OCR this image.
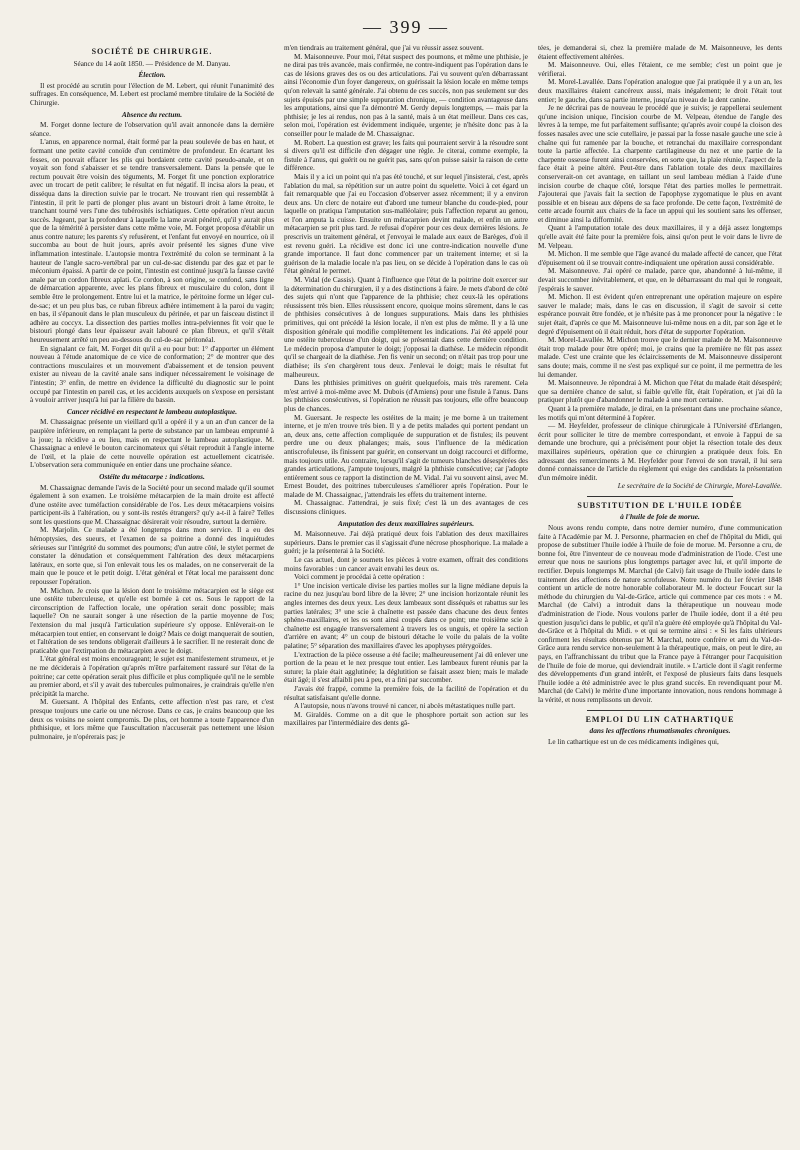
— 399 —
SOCIÉTÉ DE CHIRURGIE.

Séance du 14 août 1850. — Présidence de M. Danyau.

Élection.

Il est procédé au scrutin pour l'élection de M. Lebert, qui réunit l'unanimité des suffrages. En conséquence, M. Lebert est proclamé membre titulaire de la Société de Chirurgie.

Absence du rectum.

M. Forget donne lecture de l'observation qu'il avait annoncée dans la dernière séance.

L'anus, en apparence normal, était formé par la peau soulevée de bas en haut, et formant une petite cavité conoïde d'un centimètre de profondeur. En écartant les fesses, on pouvait effacer les plis qui bordaient cette cavité pseudo-anale, et on voyait son fond s'abaisser et se tendre transversalement. Dans la pensée que le rectum pouvait être voisin des téguments, M. Forget fit une ponction exploratrice avec un trocart de petit calibre; le résultat en fut négatif. Il incisa alors la peau, et disséqua dans la direction suivie par le trocart. Ne trouvant rien qui ressemblât à l'intestin, il prit le parti de plonger plus avant un bistouri droit à lame étroite, le tranchant tourné vers l'une des tubérosités ischiatiques. Cette opération n'eut aucun succès. Jugeant, par la profondeur à laquelle la lame avait pénétré, qu'il y aurait plus que de la témérité à persister dans cette même voie, M. Forget proposa d'établir un anus contre nature; les parents s'y refusèrent, et l'enfant fut envoyé en nourrice, où il succomba au bout de huit jours, après avoir présenté les signes d'une vive inflammation intestinale. L'autopsie montra l'extrémité du colon se terminant à la hauteur de l'angle sacro-vertébral par un cul-de-sac distendu par des gaz et par le méconium épaissi. A partir de ce point, l'intestin est continué jusqu'à la fausse cavité anale par un cordon fibreux aplati. Ce cordon, à son origine, se confond, sans ligne de démarcation apparente, avec les plans fibreux et musculaire du colon, dont il semble être le prolongement. Entre lui et la matrice, le péritoine forme un léger cul-de-sac; et un peu plus bas, ce ruban fibreux adhère intimement à la paroi du vagin; en bas, il s'épanouit dans le plan musculeux du périnée, et par un faisceau distinct il adhère au coccyx. La dissection des parties molles intra-pelviennes fit voir que le bistouri plongé dans leur épaisseur avait labouré ce plan fibreux, et qu'il s'était heureusement arrêté un peu au-dessous du cul-de-sac péritonéal.

En signalant ce fait, M. Forget dit qu'il a eu pour but: 1° d'apporter un élément nouveau à l'étude anatomique de ce vice de conformation; 2° de montrer que des contractions musculaires et un mouvement d'abaissement et de tension peuvent exister au niveau de la cavité anale sans indiquer nécessairement le voisinage de l'intestin; 3° enfin, de mettre en évidence la difficulté du diagnostic sur le point occupé par l'intestin en pareil cas, et les accidents auxquels on s'expose en persistant à vouloir arriver jusqu'à lui par la filière du bassin.

Cancer récidivé en respectant le lambeau autoplastique.

M. Chassaignac présente un vieillard qu'il a opéré il y a un an d'un cancer de la paupière inférieure, en remplaçant la perte de substance par un lambeau emprunté à la joue; la récidive a eu lieu, mais en respectant le lambeau autoplastique. M. Chassaignac a enlevé le bouton carcinomateux qui s'était reproduit à l'angle interne de l'œil, et la plaie de cette nouvelle opération est actuellement cicatrisée. L'observation sera communiquée en entier dans une prochaine séance.

Ostéite du métacarpe : indications.

M. Chassaignac demande l'avis de la Société pour un second malade qu'il soumet également à son examen. Le troisième métacarpien de la main droite est affecté d'une ostéite avec tuméfaction considérable de l'os. Les deux métacarpiens voisins participent-ils à l'altération, ou y sont-ils restés étrangers? qu'y a-t-il à faire? Telles sont les questions que M. Chassaignac désirerait voir résoudre, surtout la dernière.

M. Marjolin. Ce malade a été longtemps dans mon service. Il a eu des hémoptysies, des sueurs, et l'examen de sa poitrine a donné des inquiétudes sérieuses sur l'intégrité du sommet des poumons; d'un autre côté, le stylet permet de constater la dénudation et conséquemment l'altération des deux métacarpiens latéraux, en sorte que, si l'on enlevait tous les os malades, on ne conserverait de la main que le pouce et le petit doigt. L'état général et l'état local me paraissent donc repousser l'opération.

M. Michon. Je crois que la lésion dont le troisième métacarpien est le siège est une ostéite tuberculeuse, et qu'elle est bornée à cet os. Sous le rapport de la circonscription de l'affection locale, une opération serait donc possible; mais laquelle? On ne saurait songer à une résection de la partie moyenne de l'os; l'extension du mal jusqu'à l'articulation supérieure s'y oppose. Enlèverait-on le métacarpien tout entier, en conservant le doigt? Mais ce doigt manquerait de soutien, et l'altération de ses tendons obligerait d'ailleurs à le sacrifier. Il ne resterait donc de praticable que l'extirpation du métacarpien avec le doigt.

L'état général est moins encourageant; le sujet est manifestement strumeux, et je ne me déciderais à l'opération qu'après m'être parfaitement rassuré sur l'état de la poitrine; car cette opération serait plus difficile et plus compliquée qu'il ne le semble au premier abord, et s'il y avait des tubercules pulmonaires, je craindrais qu'elle n'en précipitât la marche.

M. Guersant. A l'hôpital des Enfants, cette affection n'est pas rare, et c'est presque toujours une carie ou une nécrose. Dans ce cas, je crains beaucoup que les deux os voisins ne soient compromis. De plus, cet homme a toute l'apparence d'un phthisique, et lors même que l'auscultation n'accuserait pas nettement une lésion pulmonaire, je n'opérerais pas; je

m'en tiendrais au traitement général, que j'ai vu réussir assez souvent.

M. Maisonneuve. Pour moi, l'état suspect des poumons, et même une phthisie, je ne dirai pas très avancée, mais confirmée, ne contre-indiquent pas l'opération dans le cas de lésions graves des os ou des articulations. J'ai vu souvent qu'en débarrassant ainsi l'économie d'un foyer dangereux, on guérissait la lésion locale en même temps qu'on relevait la santé générale. J'ai obtenu de ces succès, non pas seulement sur des sujets épuisés par une simple suppuration chronique, — condition avantageuse dans les amputations, ainsi que l'a démontré M. Gerdy depuis longtemps, — mais par la phthisie; je les ai rendus, non pas à la santé, mais à un état meilleur. Dans ces cas, selon moi, l'opération est évidemment indiquée, urgente; je n'hésite donc pas à la conseiller pour le malade de M. Chassaignac.

M. Robert. La question est grave; les faits qui pourraient servir à la résoudre sont si divers qu'il est difficile d'en dégager une règle. Je citerai, comme exemple, la fistule à l'anus, qui guérit ou ne guérit pas, sans qu'on puisse saisir la raison de cette différence.

Mais il y a ici un point qui n'a pas été touché, et sur lequel j'insisterai, c'est, après l'ablation du mal, sa répétition sur un autre point du squelette. Voici à cet égard un fait remarquable que j'ai eu l'occasion d'observer assez récemment; il y a environ deux ans. Un clerc de notaire eut d'abord une tumeur blanche du coude-pied, pour laquelle on pratiqua l'amputation sus-malléolaire; puis l'affection reparut au genou, et l'on amputa la cuisse. Ensuite un métacarpien devint malade, et enfin un autre métacarpien se prit plus tard. Je refusai d'opérer pour ces deux dernières lésions. Je prescrivis un traitement général, et j'envoyai le malade aux eaux de Barèges, d'où il est revenu guéri. La récidive est donc ici une contre-indication nouvelle d'une grande importance. Il faut donc commencer par un traitement interne; et si la guérison de la maladie locale n'a pas lieu, on se décide à l'opération dans le cas où l'état général le permet.

M. Vidal (de Cassis). Quant à l'influence que l'état de la poitrine doit exercer sur la détermination du chirurgien, il y a des distinctions à faire. Je mets d'abord de côté des sujets qui n'ont que l'apparence de la phthisie; chez ceux-là les opérations réussissent très bien. Elles réussissent encore, quoique moins sûrement, dans le cas de phthisies consécutives à de longues suppurations. Mais dans les phthisies primitives, qui ont précédé la lésion locale, il n'en est plus de même. Il y a là une disposition générale qui modifie complètement les indications. J'ai été appelé pour une ostéite tuberculeuse d'un doigt, qui se présentait dans cette dernière condition. Le médecin proposa d'amputer le doigt; j'opposai la diathèse. Le médecin répondit qu'il se chargeait de la diathèse. J'en fis venir un second; on n'était pas trop pour une diathèse; ils s'en chargèrent tous deux. J'enlevai le doigt; mais le résultat fut malheureux.

Dans les phthisies primitives on guérit quelquefois, mais très rarement. Cela m'est arrivé à moi-même avec M. Dubois (d'Amiens) pour une fistule à l'anus. Dans les phthisies consécutives, si l'opération ne réussit pas toujours, elle offre beaucoup plus de chances.

M. Guersant. Je respecte les ostéites de la main; je me borne à un traitement interne, et je m'en trouve très bien. Il y a de petits malades qui portent pendant un an, deux ans, cette affection compliquée de suppuration et de fistules; ils peuvent perdre une ou deux phalanges; mais, sous l'influence de la médication antiscrofuleuse, ils finissent par guérir, en conservant un doigt raccourci et difforme, mais toujours utile. Au contraire, lorsqu'il s'agit de tumeurs blanches désespérées des grandes articulations, j'ampute toujours, malgré la phthisie consécutive; car j'adopte entièrement sous ce rapport la distinction de M. Vidal. J'ai vu souvent ainsi, avec M. Ernest Boudet, des poitrines tuberculeuses s'améliorer après l'opération. Pour le malade de M. Chassaignac, j'attendrais les effets du traitement interne.

M. Chassaignac. J'attendrai, je suis fixé; c'est là un des avantages de ces discussions cliniques.

Amputation des deux maxillaires supérieurs.

M. Maisonneuve. J'ai déjà pratiqué deux fois l'ablation des deux maxillaires supérieurs. Dans le premier cas il s'agissait d'une nécrose phosphorique. La malade a guéri; je la présenterai à la Société.

Le cas actuel, dont je soumets les pièces à votre examen, offrait des conditions moins favorables : un cancer avait envahi les deux os.

Voici comment je procédai à cette opération :

1° Une incision verticale divise les parties molles sur la ligne médiane depuis la racine du nez jusqu'au bord libre de la lèvre; 2° une incision horizontale réunit les angles internes des deux yeux. Les deux lambeaux sont disséqués et rabattus sur les parties latérales; 3° une scie à chaînette est passée dans chacune des deux fentes sphéno-maxillaires, et les os sont ainsi coupés dans ce point; une troisième scie à chaînette est engagée transversalement à travers les os unguis, et opère la section d'arrière en avant; 4° un coup de bistouri détache le voile du palais de la voûte palatine; 5° séparation des maxillaires d'avec les apophyses ptérygoïdes.

L'extraction de la pièce osseuse a été facile; malheureusement j'ai dû enlever une portion de la peau et le nez presque tout entier. Les lambeaux furent réunis par la suture; la plaie était agglutinée; la déglutition se faisait assez bien; mais le malade était âgé; il s'est affaibli peu à peu, et a fini par succomber.

J'avais été frappé, comme la première fois, de la facilité de l'opération et du résultat satisfaisant qu'elle donne.

A l'autopsie, nous n'avons trouvé ni cancer, ni abcès métastatiques nulle part.

M. Giraldès. Comme on a dit que le phosphore portait son action sur les maxillaires par l'intermédiaire des dents gâ-

tées, je demanderai si, chez la première malade de M. Maisonneuve, les dents étaient effectivement altérées.

M. Maisonneuve. Oui, elles l'étaient, ce me semble; c'est un point que je vérifierai.

M. Morel-Lavallée. Dans l'opération analogue que j'ai pratiquée il y a un an, les deux maxillaires étaient cancéreux aussi, mais inégalement; le droit l'était tout entier; le gauche, dans sa partie interne, jusqu'au niveau de la dent canine.

Je ne décrirai pas de nouveau le procédé que je suivis; je rappellerai seulement qu'une incision unique, l'incision courbe de M. Velpeau, étendue de l'angle des lèvres à la tempe, me fut parfaitement suffisante; qu'après avoir coupé la cloison des fosses nasales avec une scie cutellaire, je passai par la fosse nasale gauche une scie à chaîne qui fut ramenée par la bouche, et retranchai du maxillaire correspondant toute la partie affectée. La charpente cartilagineuse du nez et une partie de la charpente osseuse furent ainsi conservées, en sorte que, la plaie réunie, l'aspect de la face était à peine altéré. Peut-être dans l'ablation totale des deux maxillaires conserverait-on cet avantage, en taillant un seul lambeau médian à l'aide d'une incision courbe de chaque côté, lorsque l'état des parties molles le permettrait. J'ajouterai que j'avais fait la section de l'apophyse zygomatique le plus en avant possible et en biseau aux dépens de sa face profonde. De cette façon, l'extrémité de cette arcade fournit aux chairs de la face un appui qui les soutient sans les offenser, et diminue ainsi la difformité.

Quant à l'amputation totale des deux maxillaires, il y a déjà assez longtemps qu'elle avait été faite pour la première fois, ainsi qu'on peut le voir dans le livre de M. Velpeau.

M. Michon. Il me semble que l'âge avancé du malade affecté de cancer, que l'état d'épuisement où il se trouvait contre-indiquaient une opération aussi considérable.

M. Maisonneuve. J'ai opéré ce malade, parce que, abandonné à lui-même, il devait succomber inévitablement, et que, en le débarrassant du mal qui le rongeait, j'espérais le sauver.

M. Michon. Il est évident qu'en entreprenant une opération majeure on espère sauver le malade; mais, dans le cas en discussion, il s'agit de savoir si cette espérance pouvait être fondée, et je n'hésite pas à me prononcer pour la négative : le sujet était, d'après ce que M. Maisonneuve lui-même nous en a dit, par son âge et le degré d'épuisement où il était réduit, hors d'état de supporter l'opération.

M. Morel-Lavallée. M. Michon trouve que le dernier malade de M. Maisonneuve était trop malade pour être opéré; moi, je crains que la première ne fût pas assez malade. C'est une crainte que les éclaircissements de M. Maisonneuve dissiperont sans doute; mais, comme il ne s'est pas expliqué sur ce point, il me permettra de les lui demander.

M. Maisonneuve. Je répondrai à M. Michon que l'état du malade était désespéré; que sa dernière chance de salut, si faible qu'elle fût, était l'opération, et j'ai dû la pratiquer plutôt que d'abandonner le malade à une mort certaine.

Quant à la première malade, je dirai, en la présentant dans une prochaine séance, les motifs qui m'ont déterminé à l'opérer.

— M. Heyfelder, professeur de clinique chirurgicale à l'Université d'Erlangen, écrit pour solliciter le titre de membre correspondant, et envoie à l'appui de sa demande une brochure, qui a précisément pour objet la résection totale des deux maxillaires supérieurs, opération que ce chirurgien a pratiquée deux fois. En adressant des remerciments à M. Heyfelder pour l'envoi de son travail, il lui sera donné connaissance de l'article du règlement qui exige des candidats la présentation d'un mémoire inédit.

Le secrétaire de la Société de Chirurgie, Morel-Lavallée.

SUBSTITUTION DE L'HUILE IODÉE
à l'huile de foie de morue.

Nous avons rendu compte, dans notre dernier numéro, d'une communication faite à l'Académie par M. J. Personne, pharmacien en chef de l'hôpital du Midi, qui propose de substituer l'huile iodée à l'huile de foie de morue. M. Personne a cru, de bonne foi, être l'inventeur de ce nouveau mode d'administration de l'iode. C'est une erreur que nous ne saurions plus longtemps partager avec lui, et qu'il importe de rectifier. Depuis longtemps M. Marchal (de Calvi) fait usage de l'huile iodée dans le traitement des affections de nature scrofuleuse. Notre numéro du 1er février 1848 contient un article de notre honorable collaborateur M. le docteur Foucart sur la méthode du chirurgien du Val-de-Grâce, article qui commence par ces mots : « M. Marchal (de Calvi) a introduit dans la thérapeutique un nouveau mode d'administration de l'iode. Nous voulons parler de l'huile iodée, dont il a été peu question jusqu'ici dans le public, et qu'il n'a guère été employée qu'à l'hôpital du Val-de-Grâce et à l'hôpital du Midi. » et qui se termine ainsi : « Si les faits ultérieurs confirment les résultats obtenus par M. Marchal, notre confrère et ami du Val-de-Grâce aura rendu service non-seulement à la thérapeutique, mais, on peut le dire, au pays, en l'affranchissant du tribut que la France paye à l'étranger pour l'acquisition de l'huile de foie de morue, qui deviendrait inutile. » L'article dont il s'agit renferme des développements d'un grand intérêt, et l'exposé de plusieurs faits dans lesquels l'huile iodée a été administrée avec le plus grand succès. En revendiquant pour M. Marchal (de Calvi) le mérite d'une importante innovation, nous rendons hommage à la vérité, et nous remplissons un devoir.

EMPLOI DU LIN CATHARTIQUE
dans les affections rhumatismales chroniques.

Le lin cathartique est un de ces médicaments indigènes qui,
